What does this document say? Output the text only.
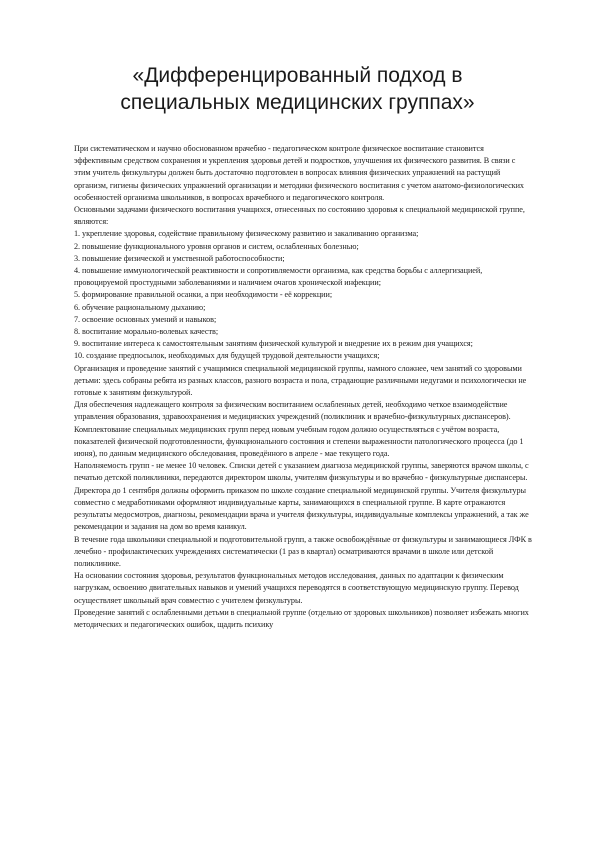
«Дифференцированный подход в специальных медицинских группах»

При систематическом и научно обоснованном врачебно - педагогическом контроле физическое воспитание становится эффективным средством сохранения и укрепления здоровья детей и подростков, улучшения их физического развития. В связи с этим учитель физкультуры должен быть достаточно подготовлен в вопросах влияния физических упражнений на растущий организм, гигиены физических упражнений организации и методики физического воспитания с учетом анатомо-физиологических особенностей организма школьников, в вопросах врачебного и педагогического контроля.

Основными задачами физического воспитания учащихся, отнесенных по состоянию здоровья к специальной медицинской группе, являются:

1. укрепление здоровья, содействие правильному физическому развитию и закаливанию организма;

2. повышение функционального уровня органов и систем, ослабленных болезнью;

3. повышение физической и умственной работоспособности;

4. повышение иммунологической реактивности и сопротивляемости организма, как средства борьбы с аллергизацией, провоцируемой простудными заболеваниями и наличием очагов хронической инфекции;

5. формирование правильной осанки, а при необходимости - её коррекции;

6. обучение рациональному дыханию;

7. освоение основных умений и навыков;

8. воспитание морально-волевых качеств;

9. воспитание интереса к самостоятельным занятиям физической культурой и внедрение их в режим дня учащихся;

10. создание предпосылок, необходимых для будущей трудовой деятельности учащихся;

Организация и проведение занятий с учащимися специальной медицинской группы, намного сложнее, чем занятий со здоровыми детьми: здесь собраны ребята из разных классов, разного возраста и пола, страдающие различными недугами и психологически не готовые к занятиям физкультурой.

Для обеспечения надлежащего контроля за физическим воспитанием ослабленных детей, необходимо четкое взаимодействие управления образования, здравоохранения и медицинских учреждений (поликлиник и врачебно-физкультурных диспансеров).

Комплектование специальных медицинских групп перед новым учебным годом должно осуществляться с учётом возраста, показателей физической подготовленности, функционального состояния и степени выраженности патологического процесса (до 1 июня), по данным медицинского обследования, проведённого в апреле - мае текущего года.

Наполняемость групп - не менее 10 человек. Списки детей с указанием диагноза медицинской группы, заверяются врачом школы, с печатью детской поликлиники, передаются директором школы, учителям физкультуры и во врачебно - физкультурные диспансеры.

Директора до 1 сентября должны оформить приказом по школе создание специальной медицинской группы. Учителя физкультуры совместно с медработниками оформляют индивидуальные карты, занимающихся в специальной группе. В карте отражаются результаты медосмотров, диагнозы, рекомендации врача и учителя физкультуры, индивидуальные комплексы упражнений, а так же рекомендации и задания на дом во время каникул.

В течение года школьники специальной и подготовительной групп, а также освобождённые от физкультуры и занимающиеся ЛФК в лечебно - профилактических учреждениях систематически (1 раз в квартал) осматриваются врачами в школе или детской поликлинике.

На основании состояния здоровья, результатов функциональных методов исследования, данных по адаптации к физическим нагрузкам, освоению двигательных навыков и умений учащихся переводятся в соответствующую медицинскую группу. Перевод осуществляет школьный врач совместно с учителем физкультуры.

Проведение занятий с ослабленными детьми в специальной группе (отдельно от здоровых школьников) позволяет избежать многих методических и педагогических ошибок, щадить психику
